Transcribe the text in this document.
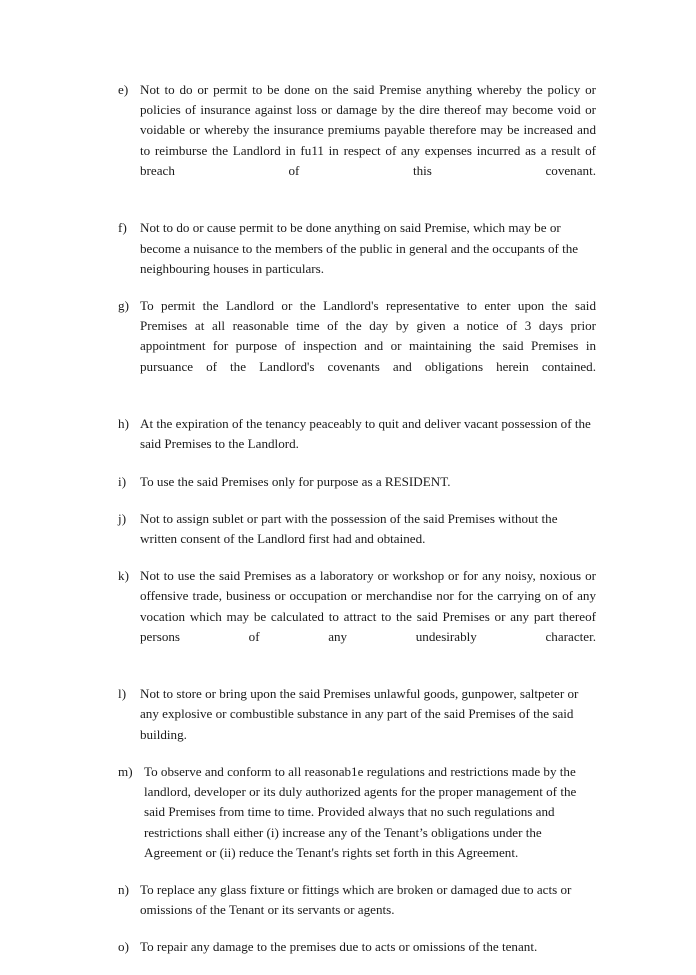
e) Not to do or permit to be done on the said Premise anything whereby the policy or policies of insurance against loss or damage by the dire thereof may become void or voidable or whereby the insurance premiums payable therefore may be increased and to reimburse the Landlord in fu11 in respect of any expenses incurred as a result of breach of this covenant.
f) Not to do or cause permit to be done anything on said Premise, which may be or become a nuisance to the members of the public in general and the occupants of the neighbouring houses in particulars.
g) To permit the Landlord or the Landlord's representative to enter upon the said Premises at all reasonable time of the day by given a notice of 3 days prior appointment for purpose of inspection and or maintaining the said Premises in pursuance of the Landlord's covenants and obligations herein contained.
h) At the expiration of the tenancy peaceably to quit and deliver vacant possession of the said Premises to the Landlord.
i)	To use the said Premises only for purpose as a RESIDENT.
j)	Not to assign sublet or part with the possession of the said Premises without the written consent of the Landlord first had and obtained.
k) Not to use the said Premises as a laboratory or workshop or for any noisy, noxious or offensive trade, business or occupation or merchandise nor for the carrying on of any vocation which may be calculated to attract to the said Premises or any part thereof persons of any undesirably character.
l)	Not to store or bring upon the said Premises unlawful goods, gunpower, saltpeter or any explosive or combustible substance in any part of the said Premises of the said building.
m) To observe and conform to all reasonab1e regulations and restrictions made by the landlord, developer or its duly authorized agents for the proper management of the said Premises from time to time. Provided always that no such regulations and restrictions shall either (i) increase any of the Tenant’s obligations under the Agreement or (ii) reduce the Tenant's rights set forth in this Agreement.
n) To replace any glass fixture or fittings which are broken or damaged due to acts or omissions of the Tenant or its servants or agents.
o) To repair any damage to the premises due to acts or omissions of the tenant.
